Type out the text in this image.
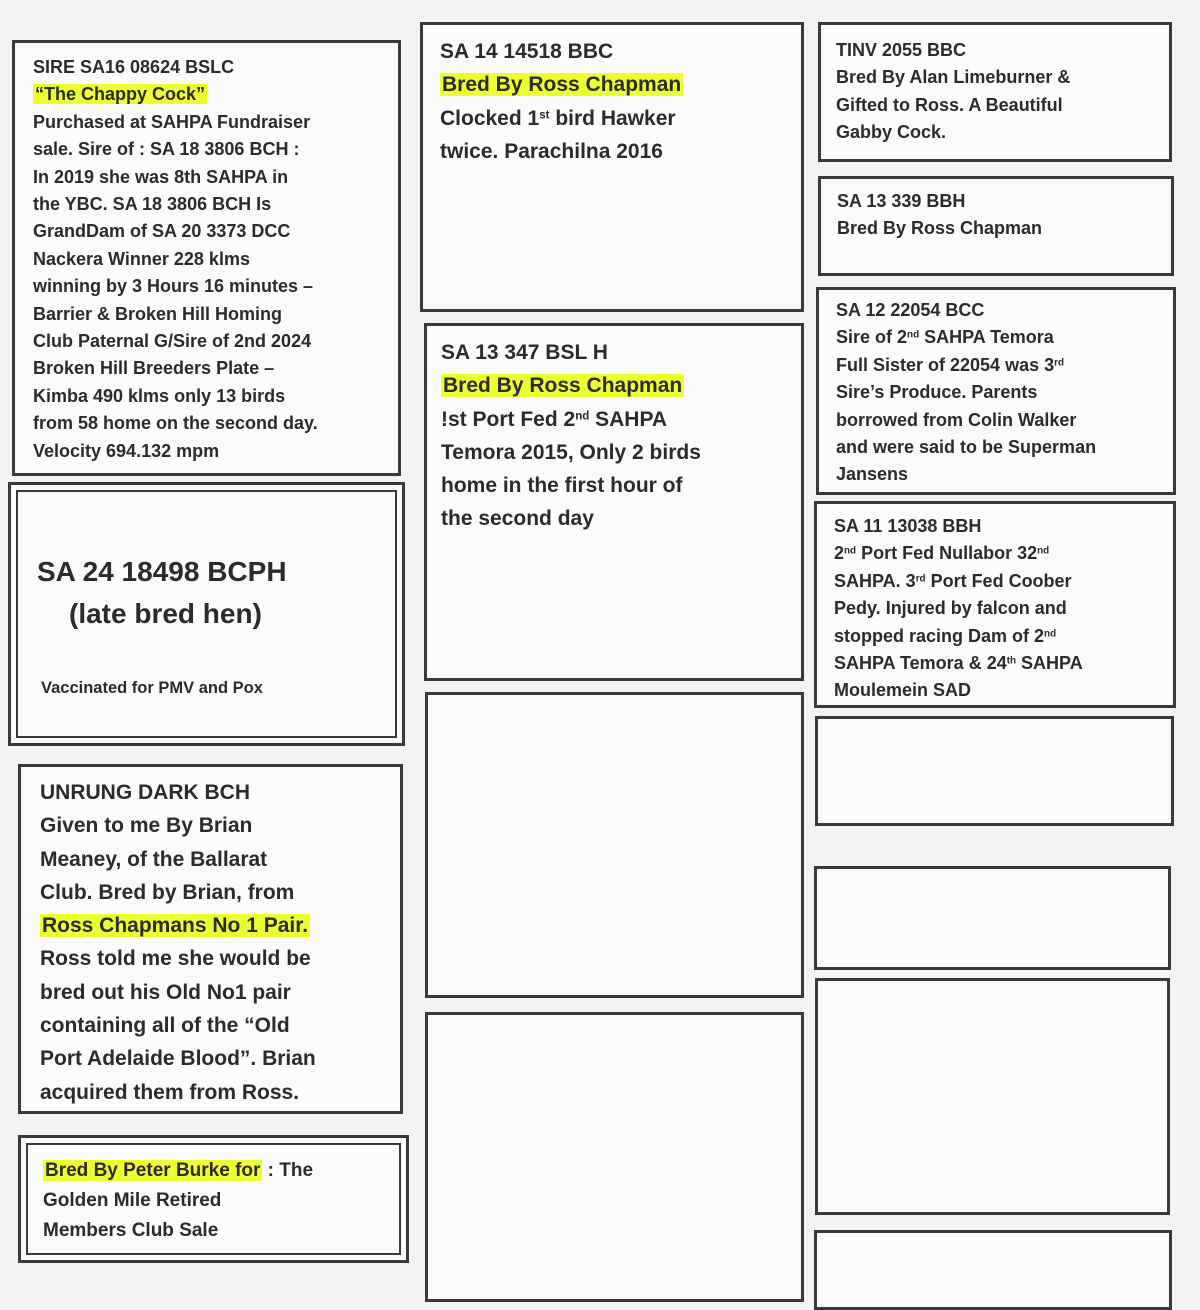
SIRE SA16 08624 BSLC
“The Chappy Cock”
Purchased at SAHPA Fundraiser
sale. Sire of : SA 18 3806 BCH :
In 2019 she was 8th SAHPA in
the YBC. SA 18 3806 BCH Is
GrandDam of SA 20 3373 DCC
Nackera Winner 228 klms
winning by 3 Hours 16 minutes –
Barrier & Broken Hill Homing
Club Paternal G/Sire of 2nd 2024
Broken Hill Breeders Plate –
Kimba 490 klms only 13 birds
from 58 home on the second day.
Velocity 694.132 mpm
SA 24 18498 BCPH
(late bred hen)
Vaccinated for PMV and Pox
UNRUNG DARK BCH
Given to me By Brian
Meaney, of the Ballarat
Club. Bred by Brian, from
Ross Chapmans No 1 Pair.
Ross told me she would be
bred out his Old No1 pair
containing all of the “Old
Port Adelaide Blood”. Brian
acquired them from Ross.
Bred By Peter Burke for : The
Golden Mile Retired
Members Club Sale
SA 14 14518 BBC
Bred By Ross Chapman
Clocked 1st bird Hawker
twice. Parachilna 2016
SA 13 347 BSL H
Bred By Ross Chapman
!st Port Fed 2nd SAHPA
Temora 2015, Only 2 birds
home in the first hour of
the second day
TINV 2055 BBC
Bred By Alan Limeburner &
Gifted to Ross. A Beautiful
Gabby Cock.
SA 13 339 BBH
Bred By Ross Chapman
SA 12 22054 BCC
Sire of 2nd SAHPA Temora
Full Sister of 22054 was 3rd
Sire’s Produce. Parents
borrowed from Colin Walker
and were said to be Superman
Jansens
SA 11 13038 BBH
2nd Port Fed Nullabor 32nd
SAHPA. 3rd Port Fed Coober
Pedy. Injured by falcon and
stopped racing Dam of 2nd
SAHPA Temora & 24th SAHPA
Moulemein SAD
